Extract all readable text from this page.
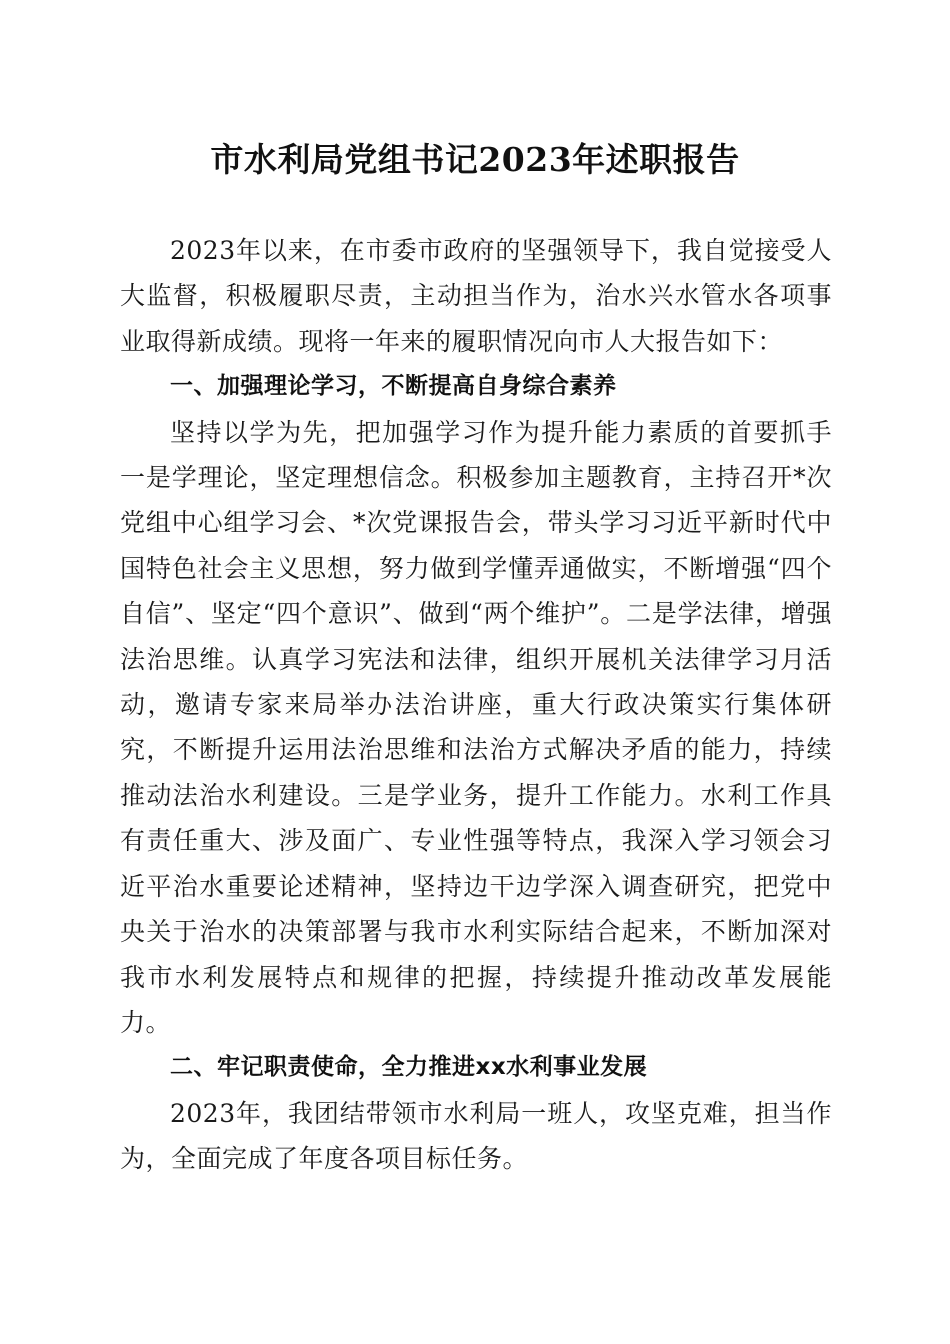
市水利局党组书记2023年述职报告

2023年以来，在市委市政府的坚强领导下，我自觉接受人大监督，积极履职尽责，主动担当作为，治水兴水管水各项事业取得新成绩。现将一年来的履职情况向市人大报告如下：

一、加强理论学习，不断提高自身综合素养

坚持以学为先，把加强学习作为提升能力素质的首要抓手一是学理论，坚定理想信念。积极参加主题教育，主持召开*次党组中心组学习会、*次党课报告会，带头学习习近平新时代中国特色社会主义思想，努力做到学懂弄通做实，不断增强“四个自信”、坚定“四个意识”、做到“两个维护”。二是学法律，增强法治思维。认真学习宪法和法律，组织开展机关法律学习月活动，邀请专家来局举办法治讲座，重大行政决策实行集体研究，不断提升运用法治思维和法治方式解决矛盾的能力，持续推动法治水利建设。三是学业务，提升工作能力。水利工作具有责任重大、涉及面广、专业性强等特点，我深入学习领会习近平治水重要论述精神，坚持边干边学深入调查研究，把党中央关于治水的决策部署与我市水利实际结合起来，不断加深对我市水利发展特点和规律的把握，持续提升推动改革发展能力。

二、牢记职责使命，全力推进xx水利事业发展

2023年，我团结带领市水利局一班人，攻坚克难，担当作为，全面完成了年度各项目标任务。
